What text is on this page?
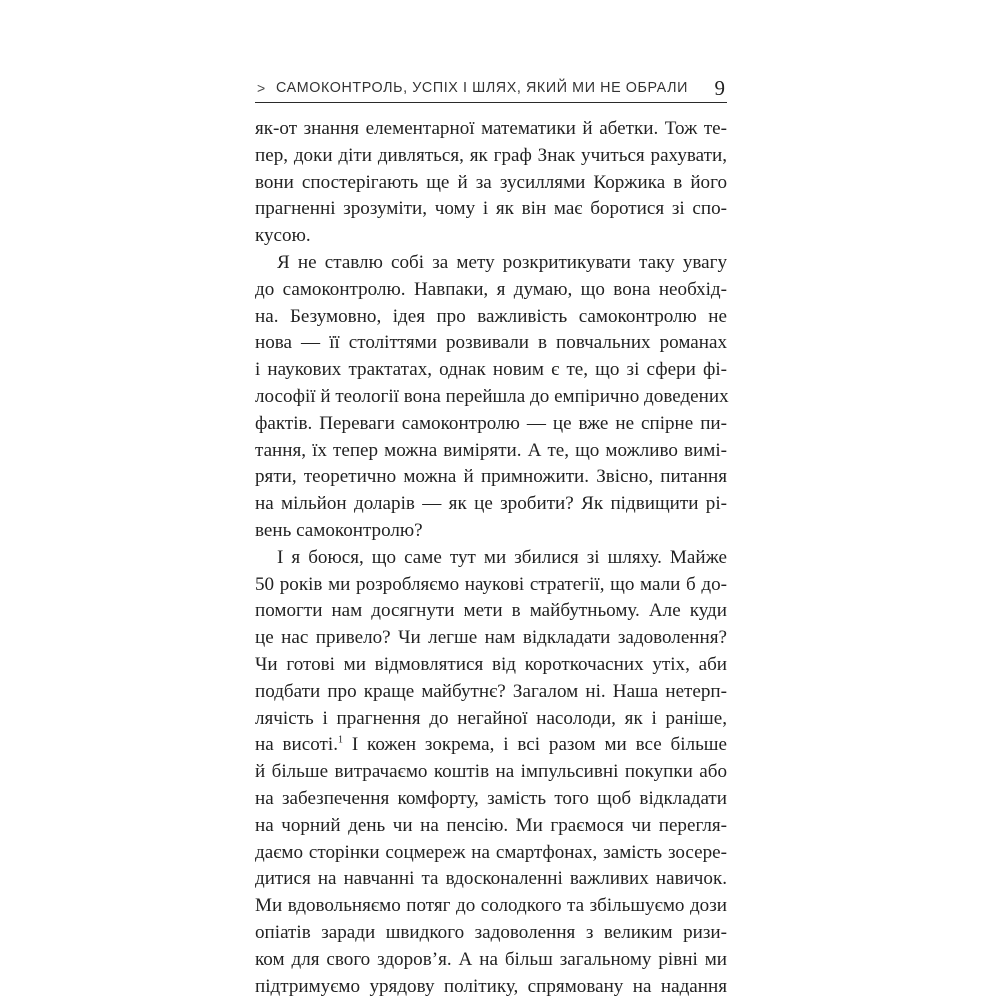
> САМОКОНТРОЛЬ, УСПІХ І ШЛЯХ, ЯКИЙ МИ НЕ ОБРАЛИ 9
як-от знання елементарної математики й абетки. Тож те-
пер, доки діти дивляться, як граф Знак учиться рахувати,
вони спостерігають ще й за зусиллями Коржика в його
прагненні зрозуміти, чому і як він має боротися зі спо-
кусою.
Я не ставлю собі за мету розкритикувати таку увагу
до самоконтролю. Навпаки, я думаю, що вона необхід-
на. Безумовно, ідея про важливість самоконтролю не
нова — її століттями розвивали в повчальних романах
і наукових трактатах, однак новим є те, що зі сфери фі-
лософії й теології вона перейшла до емпірично доведених
фактів. Переваги самоконтролю — це вже не спірне пи-
тання, їх тепер можна виміряти. А те, що можливо вимі-
ряти, теоретично можна й примножити. Звісно, питання
на мільйон доларів — як це зробити? Як підвищити рі-
вень самоконтролю?
І я боюся, що саме тут ми збилися зі шляху. Майже
50 років ми розробляємо наукові стратегії, що мали б до-
помогти нам досягнути мети в майбутньому. Але куди
це нас привело? Чи легше нам відкладати задоволення?
Чи готові ми відмовлятися від короткочасних утіх, аби
подбати про краще майбутнє? Загалом ні. Наша нетерп-
лячість і прагнення до негайної насолоди, як і раніше,
на висоті.$^1$ І кожен зокрема, і всі разом ми все більше
й більше витрачаємо коштів на імпульсивні покупки або
на забезпечення комфорту, замість того щоб відкладати
на чорний день чи на пенсію. Ми граємося чи перегля-
даємо сторінки соцмереж на смартфонах, замість зосере-
дитися на навчанні та вдосконаленні важливих навичок.
Ми вдовольняємо потяг до солодкого та збільшуємо дози
опіатів заради швидкого задоволення з великим ризи-
ком для свого здоров’я. А на більш загальному рівні ми
підтримуємо урядову політику, спрямовану на надання
